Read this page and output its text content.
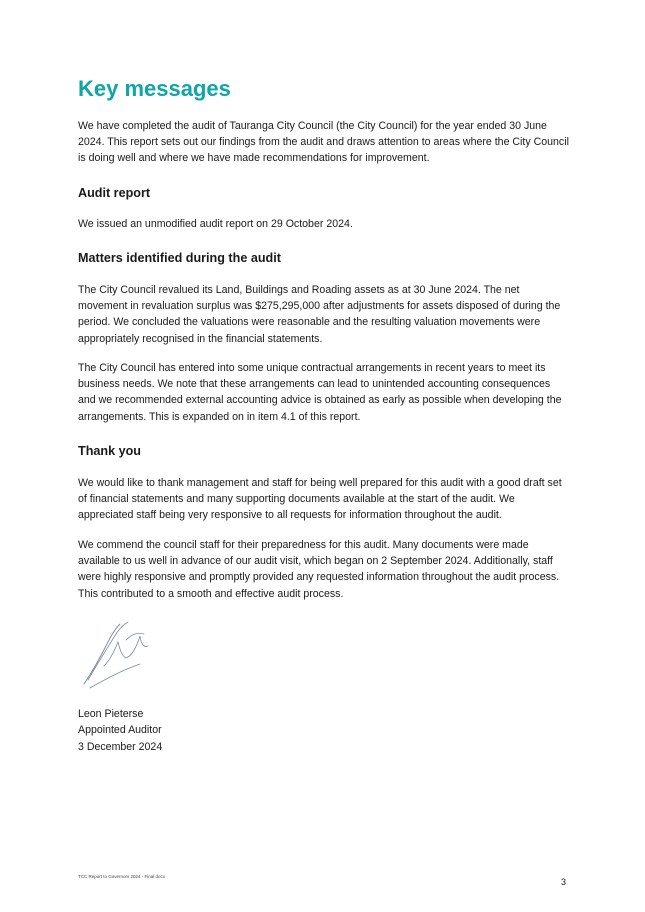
Key messages

We have completed the audit of Tauranga City Council (the City Council) for the year ended 30 June 2024. This report sets out our findings from the audit and draws attention to areas where the City Council is doing well and where we have made recommendations for improvement.

Audit report

We issued an unmodified audit report on 29 October 2024.

Matters identified during the audit

The City Council revalued its Land, Buildings and Roading assets as at 30 June 2024. The net movement in revaluation surplus was $275,295,000 after adjustments for assets disposed of during the period. We concluded the valuations were reasonable and the resulting valuation movements were appropriately recognised in the financial statements.

The City Council has entered into some unique contractual arrangements in recent years to meet its business needs. We note that these arrangements can lead to unintended accounting consequences and we recommended external accounting advice is obtained as early as possible when developing the arrangements. This is expanded on in item 4.1 of this report.

Thank you

We would like to thank management and staff for being well prepared for this audit with a good draft set of financial statements and many supporting documents available at the start of the audit. We appreciated staff being very responsive to all requests for information throughout the audit.

We commend the council staff for their preparedness for this audit. Many documents were made available to us well in advance of our audit visit, which began on 2 September 2024. Additionally, staff were highly responsive and promptly provided any requested information throughout the audit process. This contributed to a smooth and effective audit process.

Leon Pieterse
Appointed Auditor
3 December 2024
TCC Report to Governors 2024 - Final docx
3
